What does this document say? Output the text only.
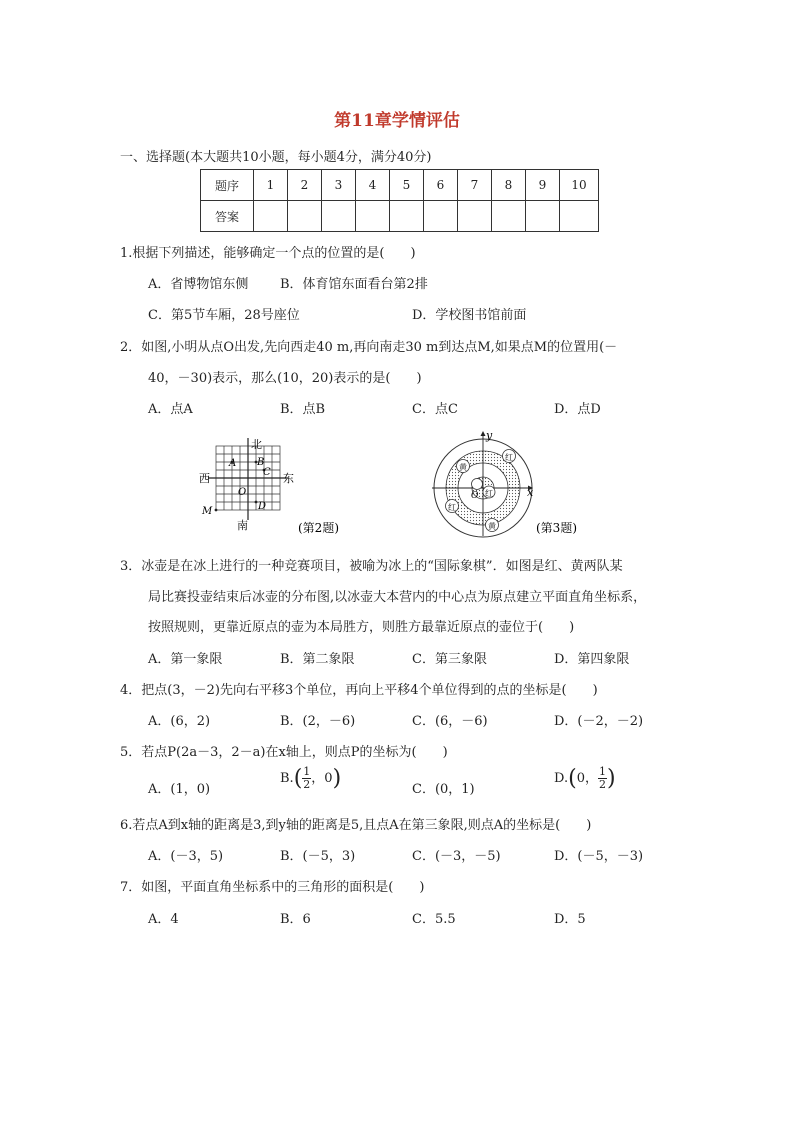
第11章学情评估
一、选择题(本大题共10小题，每小题4分，满分40分)
题序	1	2	3	4	5	6	7	8	9	10
答案										
1.根据下列描述，能够确定一个点的位置的是(　　)
A．省博物馆东侧 B．体育馆东面看台第2排
C．第5节车厢，28号座位	D．学校图书馆前面
2．如图,小明从点O出发,先向西走40 m,再向南走30 m到达点M,如果点M的位置用(－
40，－30)表示，那么(10，20)表示的是(　　)
A．点A	B．点B	C．点C	D．点D
北
南
西	东
A B
C
D
O
M
(第2题)
y
x
红
黄
红
红
黄
O
(第3题)
3．冰壶是在冰上进行的一种竞赛项目，被喻为冰上的“国际象棋”．如图是红、黄两队某
局比赛投壶结束后冰壶的分布图,以冰壶大本营内的中心点为原点建立平面直角坐标系，
按照规则，更靠近原点的壶为本局胜方，则胜方最靠近原点的壶位于(　　)
A．第一象限	B．第二象限	C．第三象限	D．第四象限
4．把点(3，－2)先向右平移3个单位，再向上平移4个单位得到的点的坐标是(　　)
A．(6，2)	B．(2，－6)	C．(6，－6)	D．(－2，－2)
5．若点P(2a－3，2－a)在x轴上，则点P的坐标为(　　)
A．(1，0)
$B.( \frac{1}{2}$ ，0)	C．(0，1)
D.(0， $\frac{1}{2}$ )
6.若点A到x轴的距离是3,到y轴的距离是5,且点A在第三象限,则点A的坐标是(　　)
A．(－3，5)	B．(－5，3)	C．(－3，－5)	D．(－5，－3)
7．如图，平面直角坐标系中的三角形的面积是(　　)
A．4	B．6	C．5.5	D．5
